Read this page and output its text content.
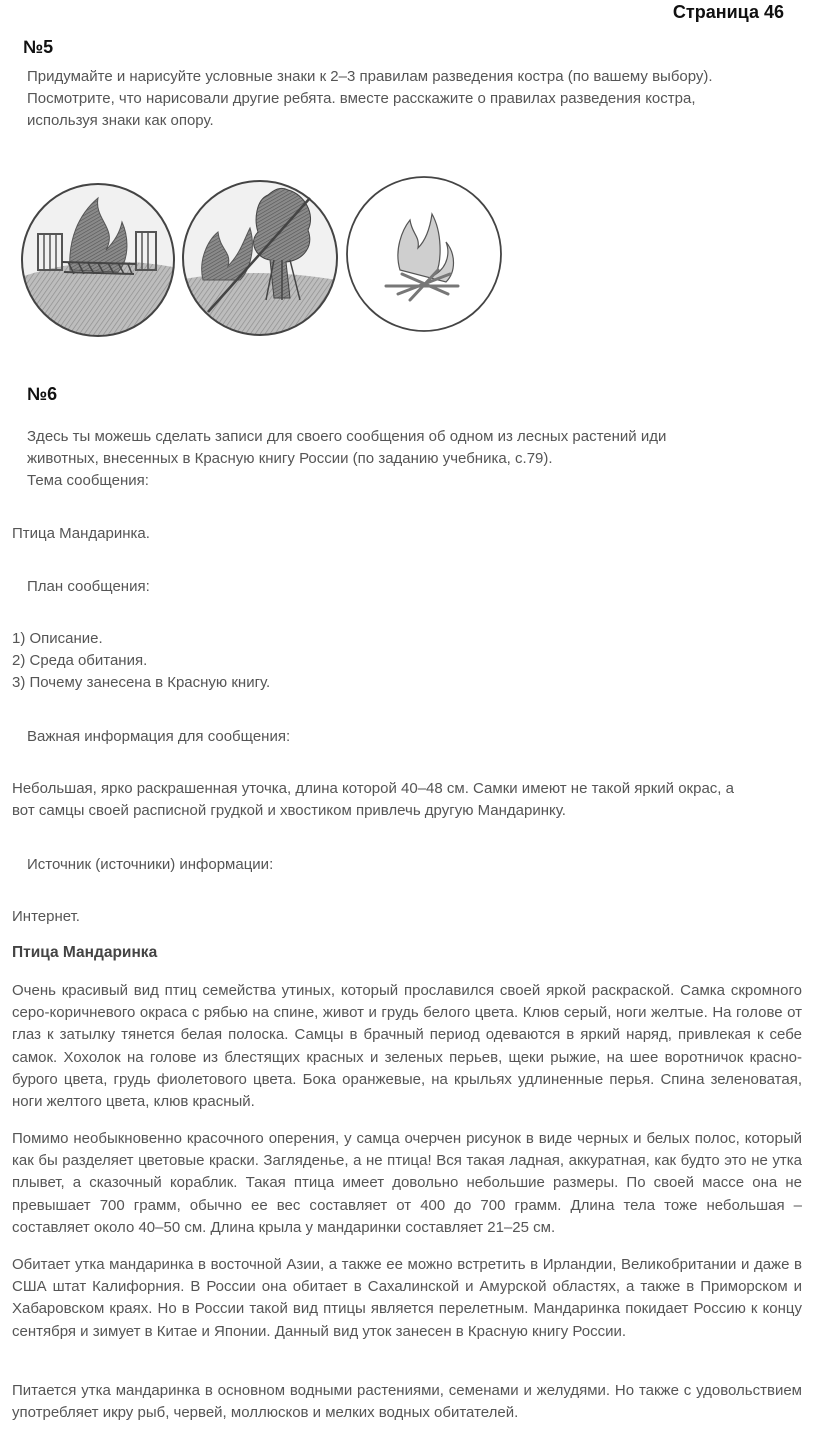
Страница 46
№5
Придумайте и нарисуйте условные знаки к 2–3 правилам разведения костра (по вашему выбору).
Посмотрите, что нарисовали другие ребята. вместе расскажите о правилах разведения костра,
используя знаки как опору.
№6
Здесь ты можешь сделать записи для своего сообщения об одном из лесных растений иди
животных, внесенных в Красную книгу России (по заданию учебника, с.79).
Тема сообщения:
Птица Мандаринка.
План сообщения:
1) Описание.
2) Среда обитания.
3) Почему занесена в Красную книгу.
Важная информация для сообщения:
Небольшая, ярко раскрашенная уточка, длина которой 40–48 см. Самки имеют не такой яркий окрас, а
вот самцы своей расписной грудкой и хвостиком привлечь другую Мандаринку.
Источник (источники) информации:
Интернет.
Птица Мандаринка
Очень красивый вид птиц семейства утиных, который прославился своей яркой раскраской. Самка скромного серо-коричневого окраса с рябью на спине, живот и грудь белого цвета. Клюв серый, ноги желтые. На голове от глаз к затылку тянется белая полоска. Самцы в брачный период одеваются в яркий наряд, привлекая к себе самок. Хохолок на голове из блестящих красных и зеленых перьев, щеки рыжие, на шее воротничок красно-бурого цвета, грудь фиолетового цвета. Бока оранжевые, на крыльях удлиненные перья. Спина зеленоватая, ноги желтого цвета, клюв красный.
Помимо необыкновенно красочного оперения, у самца очерчен рисунок в виде черных и белых полос, который как бы разделяет цветовые краски. Загляденье, а не птица! Вся такая ладная, аккуратная, как будто это не утка плывет, а сказочный кораблик. Такая птица имеет довольно небольшие размеры. По своей массе она не превышает 700 грамм, обычно ее вес составляет от 400 до 700 грамм. Длина тела тоже небольшая – составляет около 40–50 см. Длина крыла у мандаринки составляет 21–25 см.
Обитает утка мандаринка в восточной Азии, а также ее можно встретить в Ирландии, Великобритании и даже в США штат Калифорния. В России она обитает в Сахалинской и Амурской областях, а также в Приморском и Хабаровском краях. Но в России такой вид птицы является перелетным. Мандаринка покидает Россию к концу сентября и зимует в Китае и Японии. Данный вид уток занесен в Красную книгу России.
Питается утка мандаринка в основном водными растениями, семенами и желудями. Но также с удовольствием употребляет икру рыб, червей, моллюсков и мелких водных обитателей.
